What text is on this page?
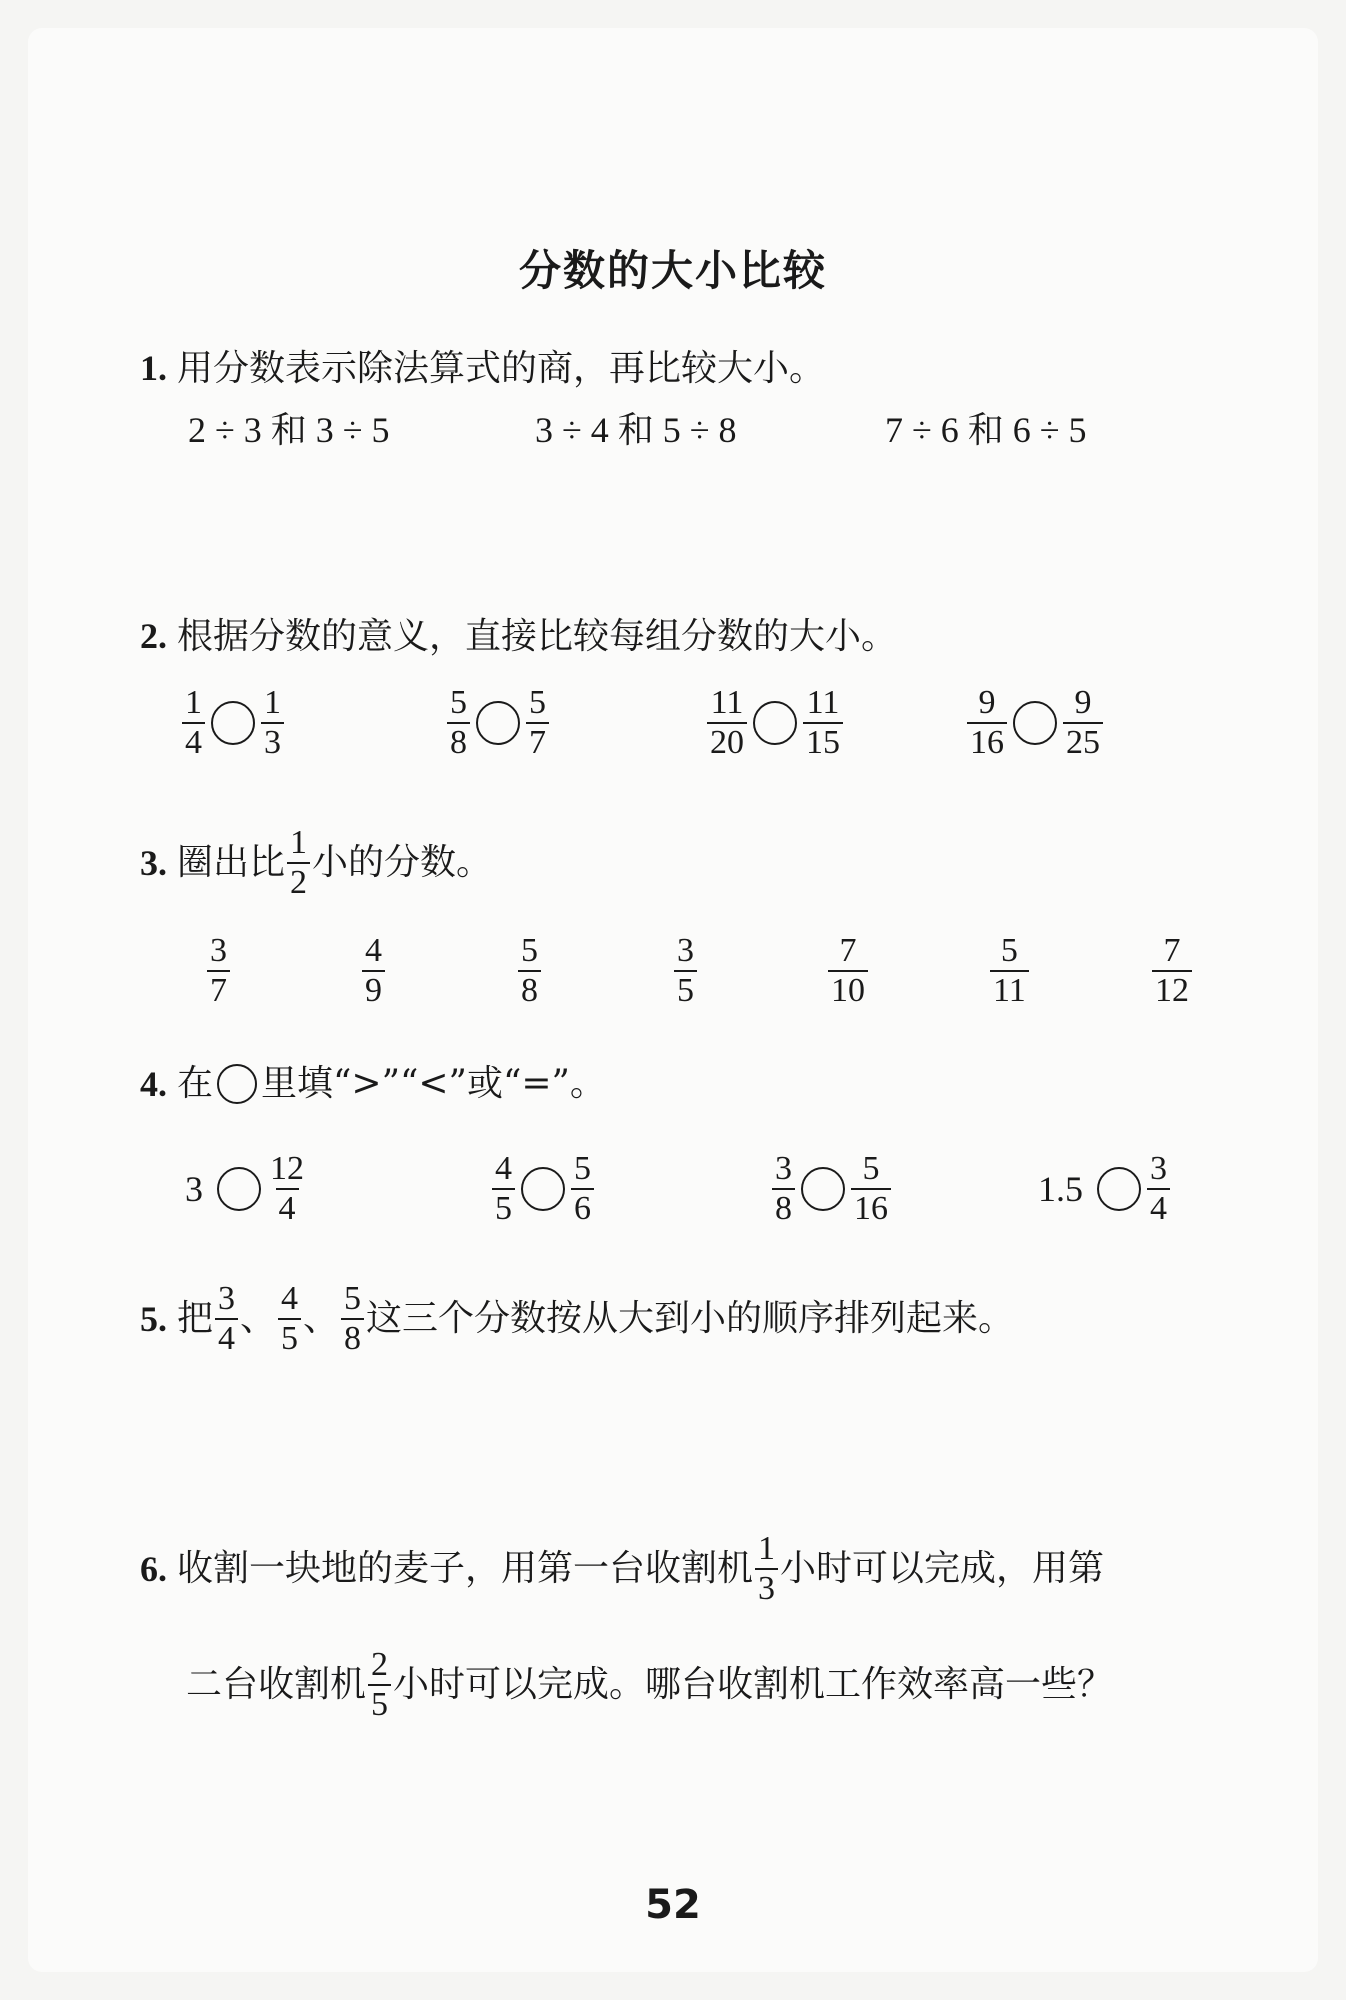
分数的大小比较
1. 用分数表示除法算式的商，再比较大小。
2 ÷ 3 和 3 ÷ 5	3 ÷ 4 和 5 ÷ 8	7 ÷ 6 和 6 ÷ 5
2. 根据分数的意义，直接比较每组分数的大小。
$\frac{1}{4} \frac{1}{3}$	$\frac{5}{8} \frac{5}{7}$	$\frac{11}{20} \frac{11}{15}$	$\frac{9}{16} \frac{9}{25}$
3. 圈出比 $\frac{1}{2}$ 小的分数。
$\frac{3}{7}$	$\frac{4}{9}$	$\frac{5}{8}$	$\frac{3}{5}$	$\frac{7}{10}$	$\frac{5}{11}$	$\frac{7}{12}$
4. 在 里填“>”“<”或“=”。
$3 \frac{12}{4}$	$\frac{4}{5} \frac{5}{6}$	$\frac{3}{8} \frac{5}{16}$	$1.5 \frac{3}{4}$
5. 把 $\frac{3}{4}$ 、 $\frac{4}{5}$ 、 $\frac{5}{8}$ 这三个分数按从大到小的顺序排列起来。
6. 收割一块地的麦子，用第一台收割机 $\frac{1}{3}$ 小时可以完成，用第
二台收割机 $\frac{2}{5}$ 小时可以完成。哪台收割机工作效率高一些？
52
